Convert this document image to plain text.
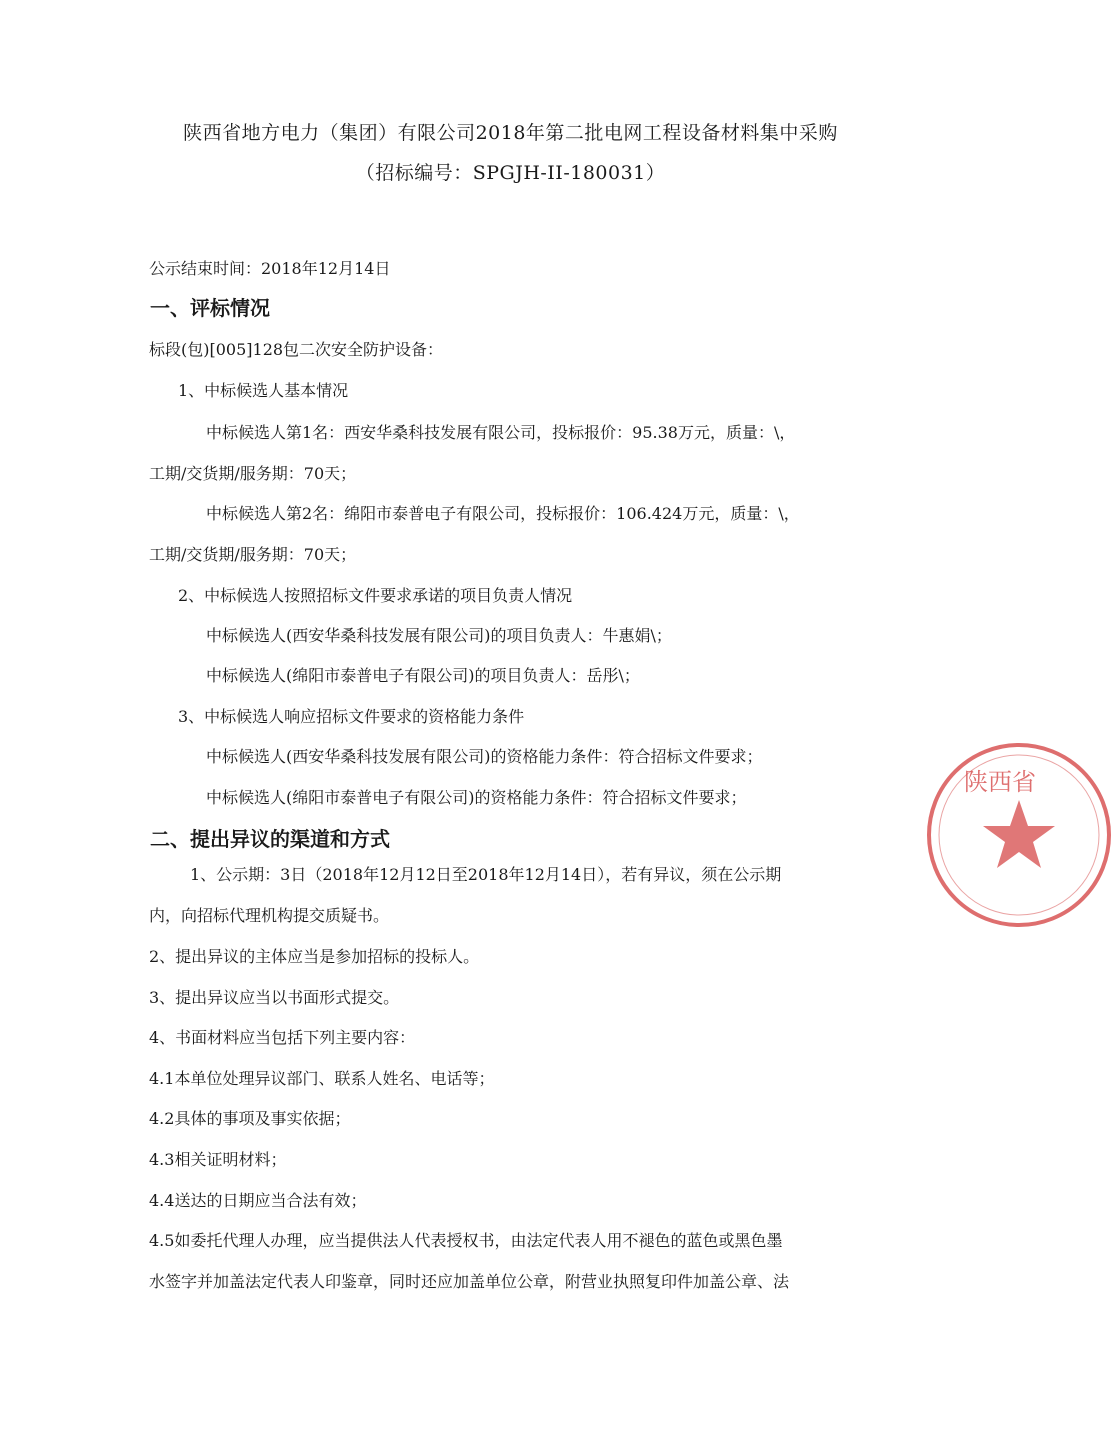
陕西省地方电力（集团）有限公司2018年第二批电网工程设备材料集中采购
（招标编号：SPGJH-II-180031）
公示结束时间：2018年12月14日
一、评标情况
标段(包)[005]128包二次安全防护设备：
1、中标候选人基本情况
中标候选人第1名：西安华桑科技发展有限公司，投标报价：95.38万元，质量：\，
工期/交货期/服务期：70天；
中标候选人第2名：绵阳市泰普电子有限公司，投标报价：106.424万元，质量：\，
工期/交货期/服务期：70天；
2、中标候选人按照招标文件要求承诺的项目负责人情况
中标候选人(西安华桑科技发展有限公司)的项目负责人：牛惠娟\；
中标候选人(绵阳市泰普电子有限公司)的项目负责人：岳彤\；
3、中标候选人响应招标文件要求的资格能力条件
中标候选人(西安华桑科技发展有限公司)的资格能力条件：符合招标文件要求；
中标候选人(绵阳市泰普电子有限公司)的资格能力条件：符合招标文件要求；
二、提出异议的渠道和方式
1、公示期：3日（2018年12月12日至2018年12月14日），若有异议，须在公示期
内，向招标代理机构提交质疑书。
2、提出异议的主体应当是参加招标的投标人。
3、提出异议应当以书面形式提交。
4、书面材料应当包括下列主要内容：
4.1本单位处理异议部门、联系人姓名、电话等；
4.2具体的事项及事实依据；
4.3相关证明材料；
4.4送达的日期应当合法有效；
4.5如委托代理人办理，应当提供法人代表授权书，由法定代表人用不褪色的蓝色或黑色墨
水签字并加盖法定代表人印鉴章，同时还应加盖单位公章，附营业执照复印件加盖公章、法
陕西省
